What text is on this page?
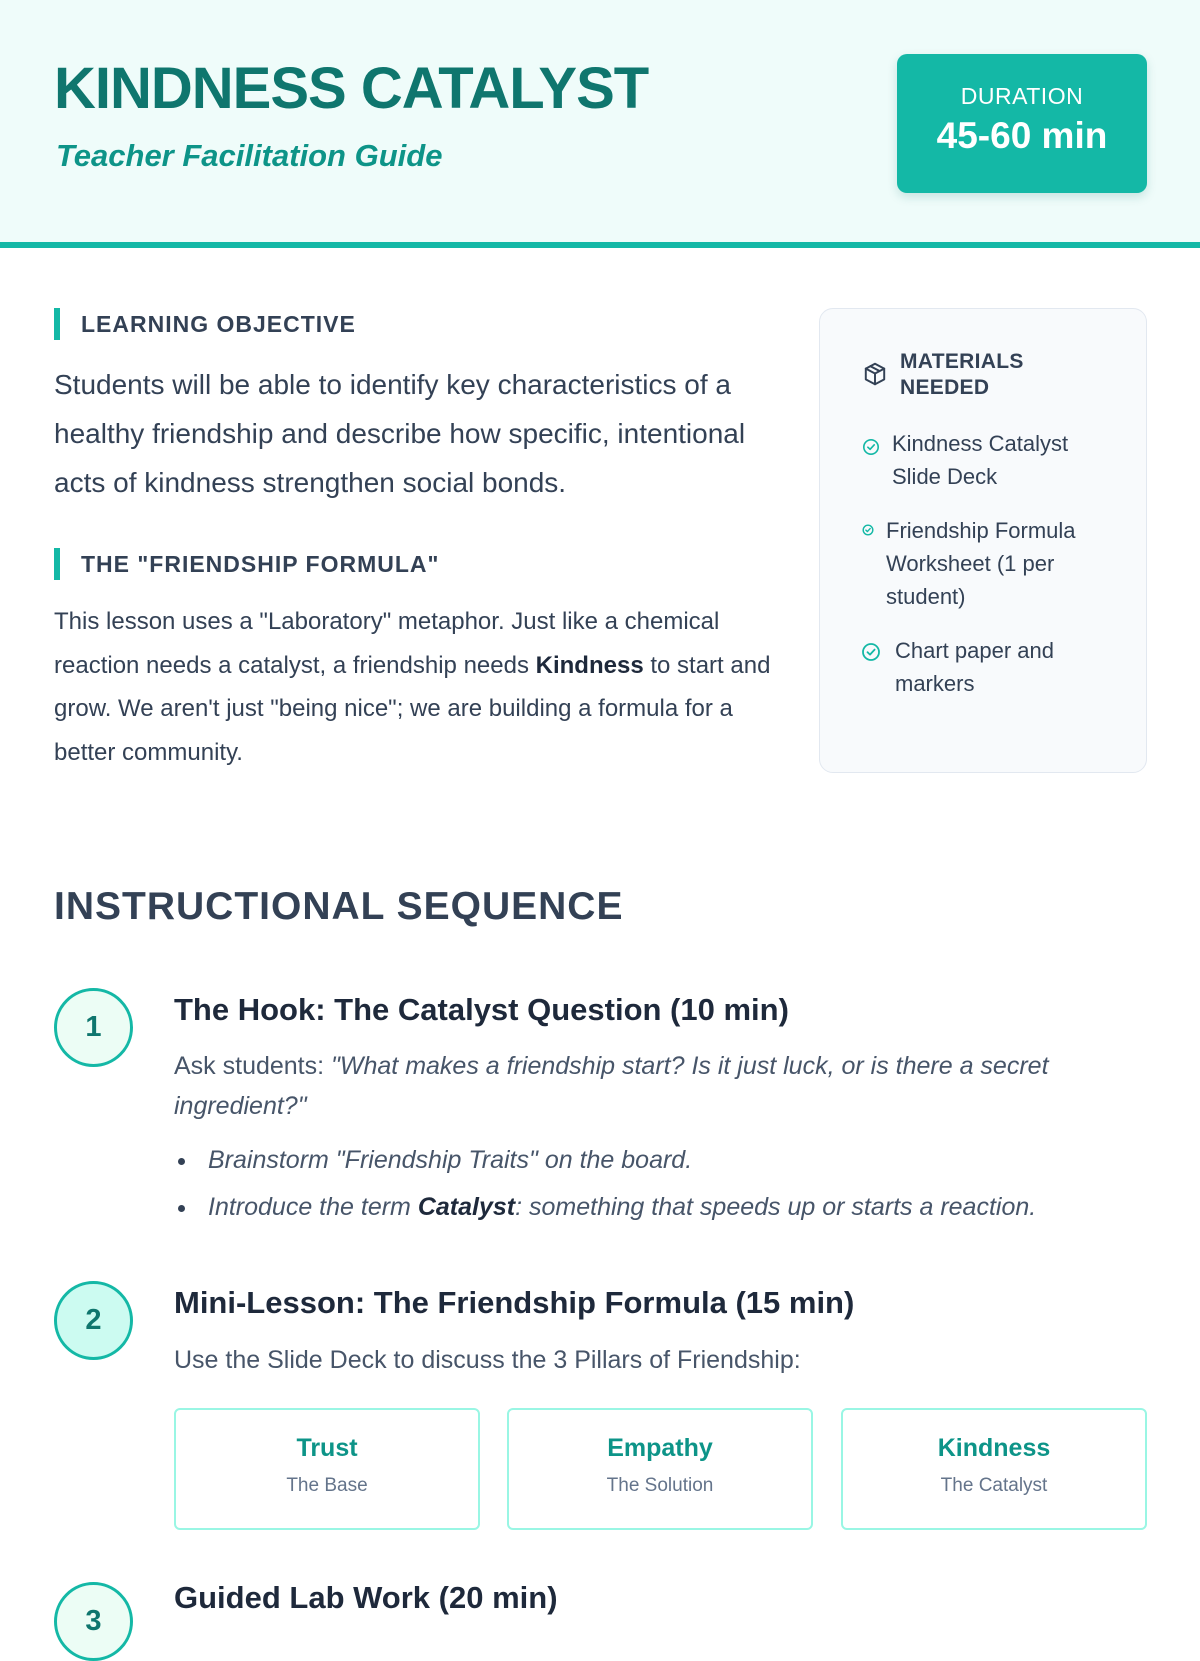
KINDNESS CATALYST
Teacher Facilitation Guide
DURATION
45-60 min
LEARNING OBJECTIVE

Students will be able to identify key characteristics of a healthy friendship and describe how specific, intentional acts of kindness strengthen social bonds.

THE "FRIENDSHIP FORMULA"

This lesson uses a "Laboratory" metaphor. Just like a chemical reaction needs a catalyst, a friendship needs Kindness to start and grow. We aren't just "being nice"; we are building a formula for a better community.

MATERIALS NEEDED
Kindness Catalyst Slide Deck
Friendship Formula Worksheet (1 per student)
Chart paper and markers
INSTRUCTIONAL SEQUENCE
1	The Hook: The Catalyst Question (10 min)

Ask students: "What makes a friendship start? Is it just luck, or is there a secret ingredient?"

Brainstorm "Friendship Traits" on the board.
Introduce the term Catalyst: something that speeds up or starts a reaction.
2	Mini-Lesson: The Friendship Formula (15 min)

Use the Slide Deck to discuss the 3 Pillars of Friendship:

Trust
The Base
Empathy
The Solution
Kindness
The Catalyst
3
Guided Lab Work (20 min)
